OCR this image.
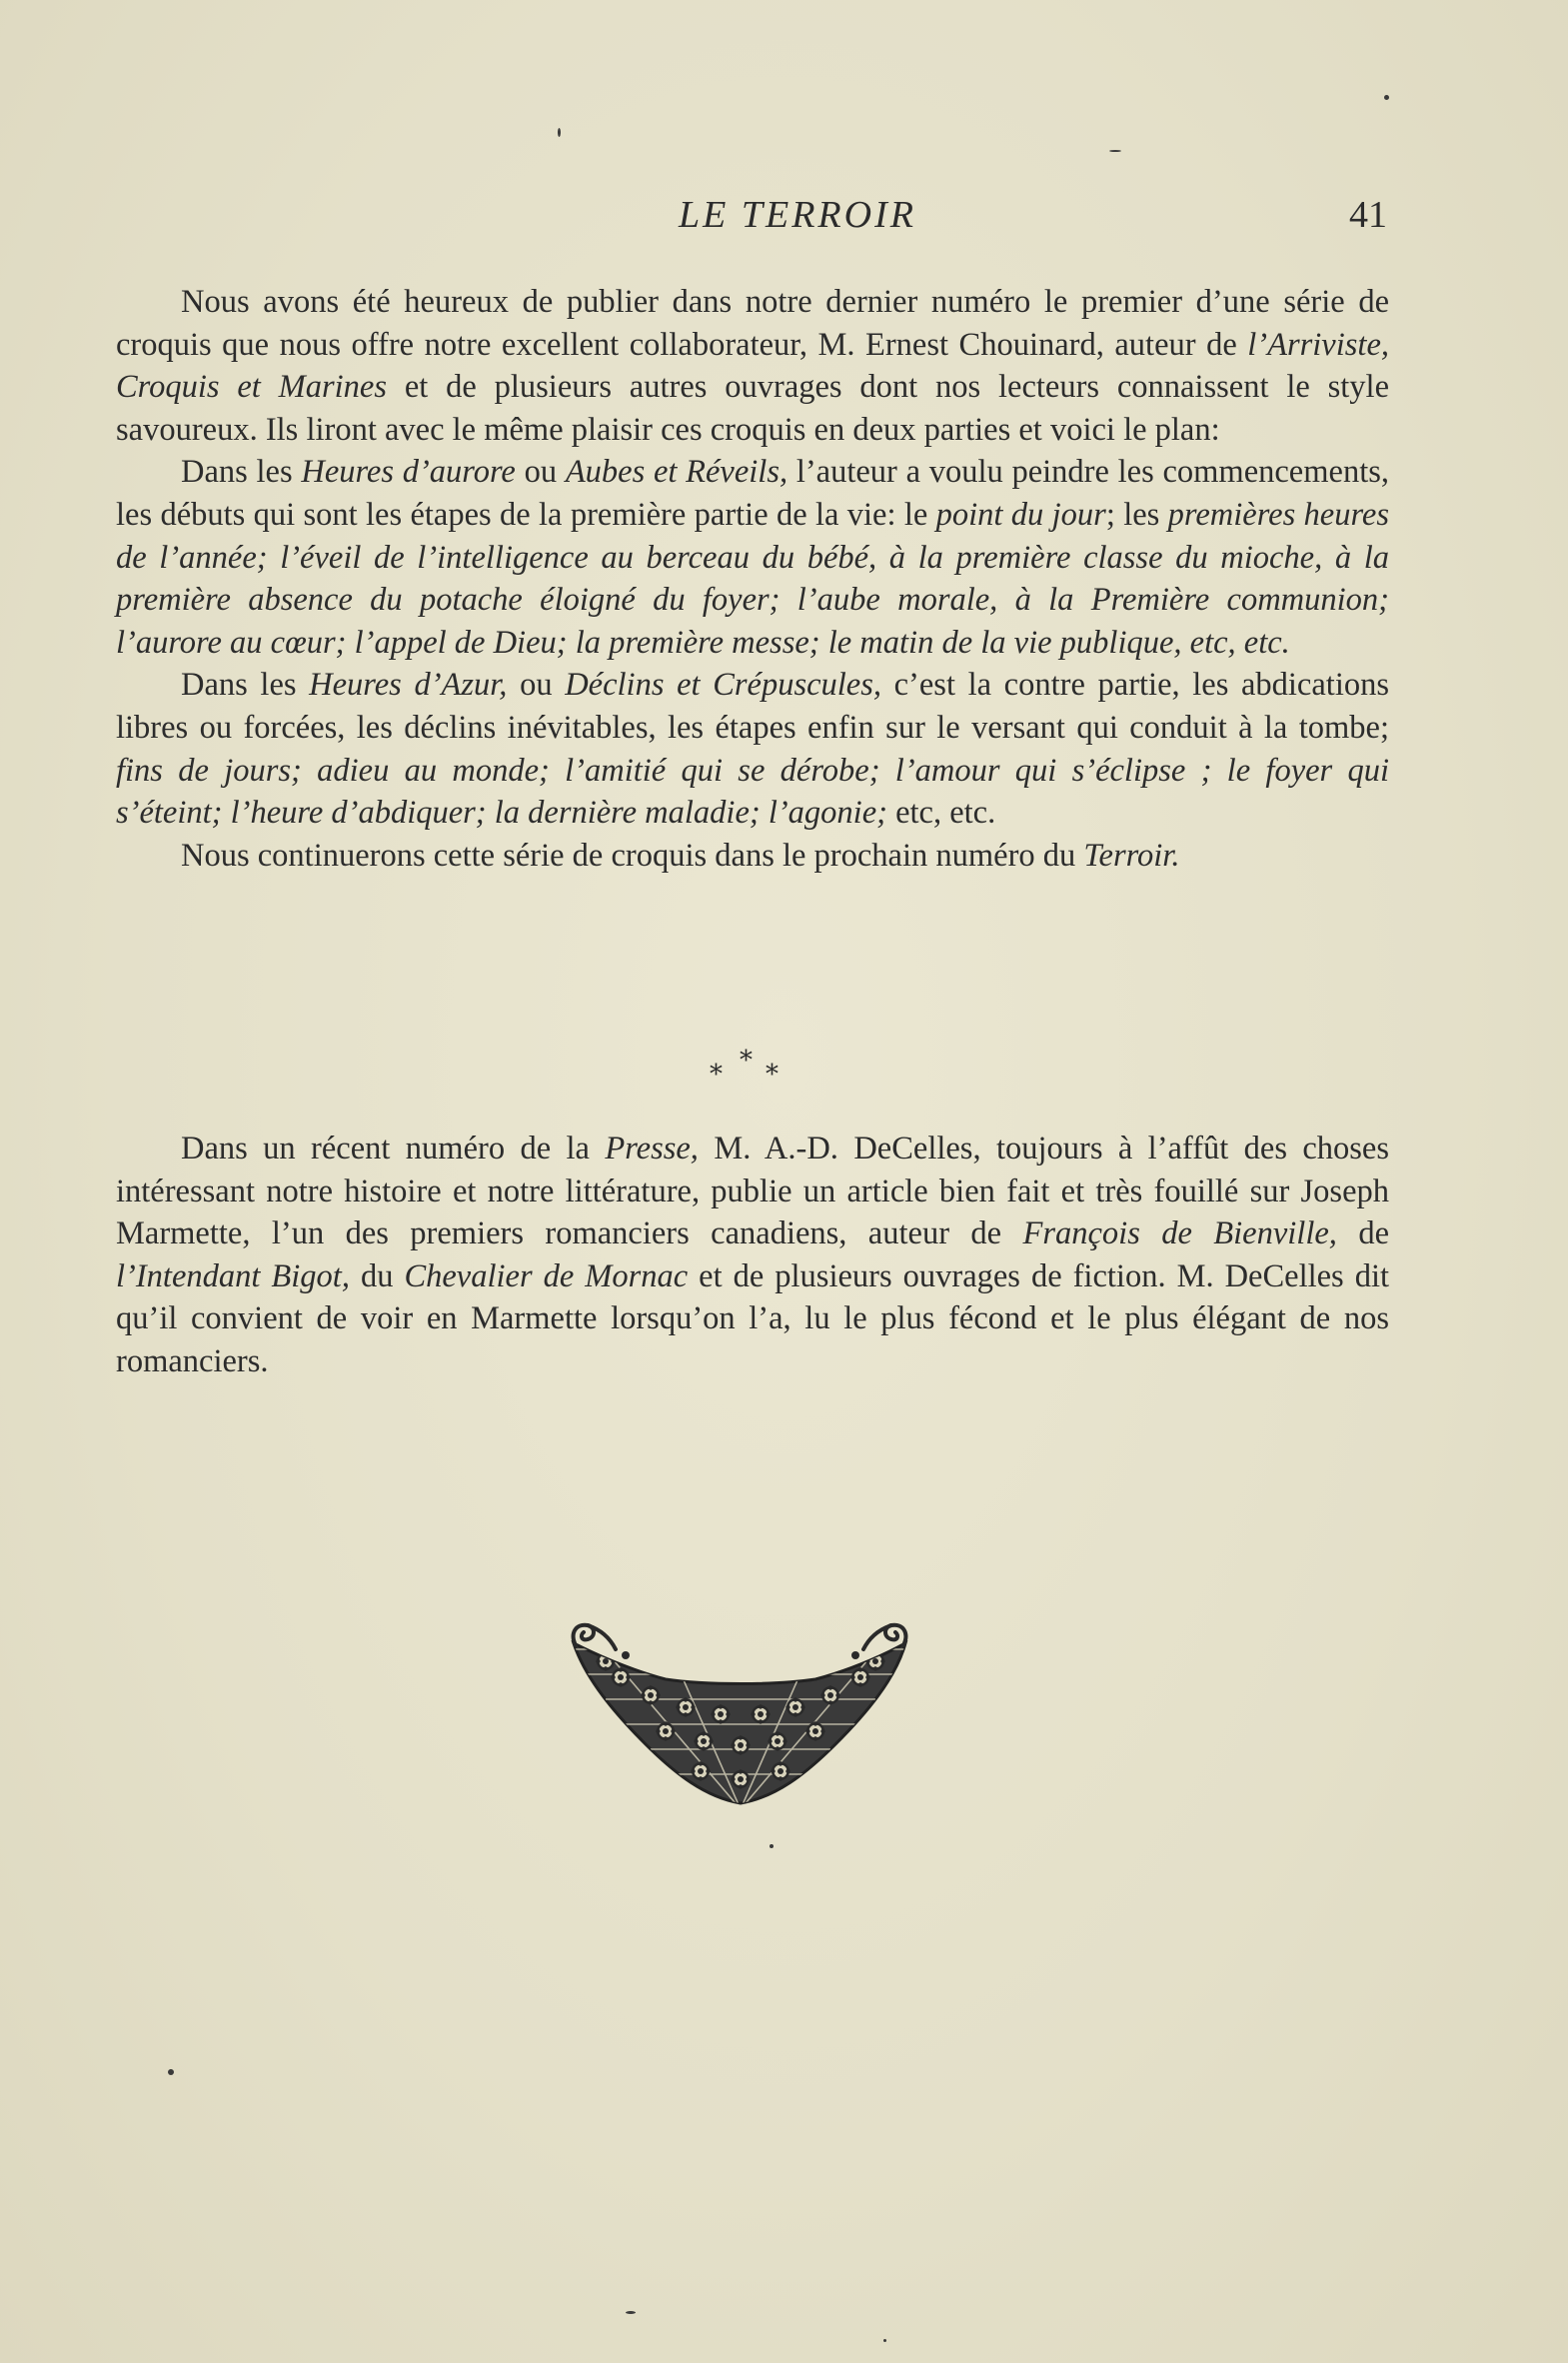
LE TERROIR	41

Nous avons été heureux de publier dans notre dernier numéro le premier d’une série de croquis que nous offre notre excellent collaborateur, M. Ernest Chouinard, auteur de l’Arriviste, Croquis et Marines et de plusieurs autres ouvrages dont nos lecteurs connaissent le style savoureux. Ils liront avec le même plaisir ces croquis en deux parties et voici le plan:

Dans les Heures d’aurore ou Aubes et Réveils, l’auteur a voulu peindre les commencements, les débuts qui sont les étapes de la première partie de la vie: le point du jour; les premières heures de l’année; l’éveil de l’intelligence au berceau du bébé, à la première classe du mioche, à la première absence du potache éloigné du foyer; l’aube morale, à la Première communion; l’aurore au cœur; l’appel de Dieu; la première messe; le matin de la vie publique, etc, etc.

Dans les Heures d’Azur, ou Déclins et Crépuscules, c’est la contre partie, les abdications libres ou forcées, les déclins inévitables, les étapes enfin sur le versant qui conduit à la tombe; fins de jours; adieu au monde; l’amitié qui se dérobe; l’amour qui s’éclipse ; le foyer qui s’éteint; l’heure d’abdiquer; la dernière maladie; l’agonie; etc, etc.

Nous continuerons cette série de croquis dans le prochain numéro du Terroir.

*
* *

Dans un récent numéro de la Presse, M. A.-D. DeCelles, toujours à l’affût des choses intéressant notre histoire et notre littérature, publie un article bien fait et très fouillé sur Joseph Marmette, l’un des premiers romanciers canadiens, auteur de François de Bienville, de l’Intendant Bigot, du Chevalier de Mornac et de plusieurs ouvrages de fiction. M. DeCelles dit qu’il convient de voir en Marmette lorsqu’on l’a, lu le plus fécond et le plus élégant de nos romanciers.
